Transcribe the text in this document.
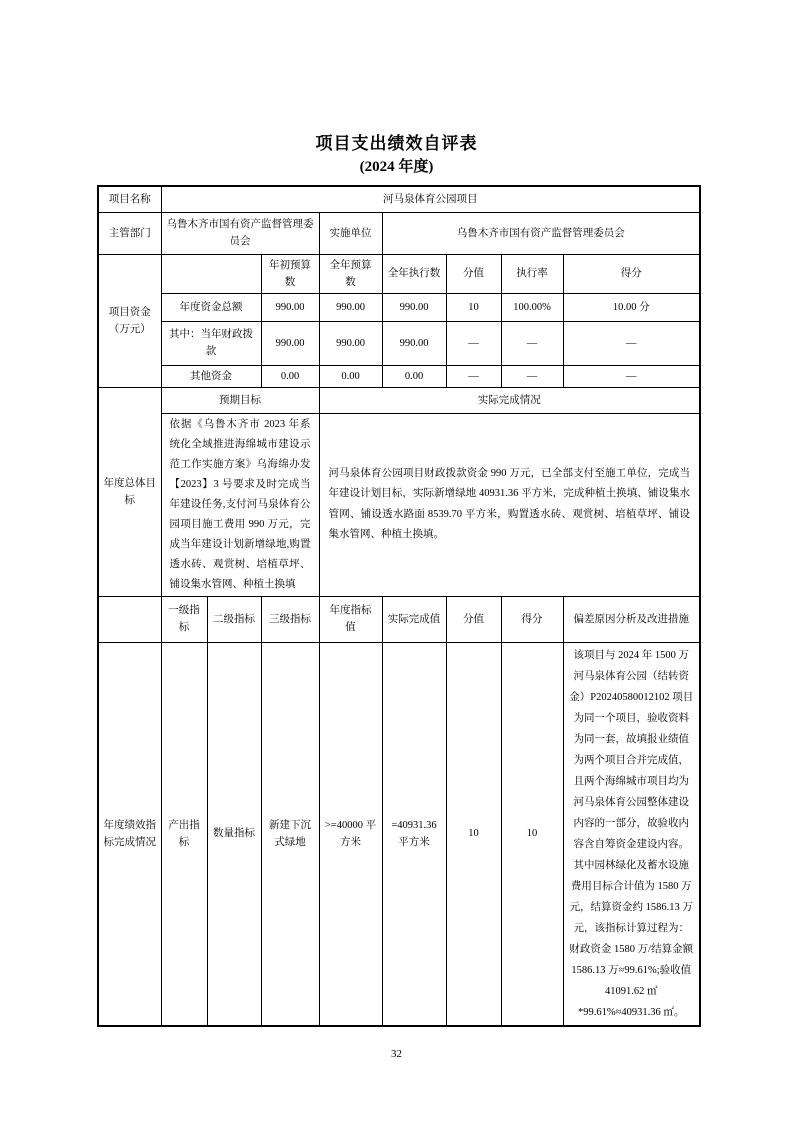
项目支出绩效自评表
(2024 年度)
项目名称	河马泉体育公园项目							
主管部门	乌鲁木齐市国有资产监督管理委员会			实施单位	乌鲁木齐市国有资产监督管理委员会			

项目资金
（万元）			年初预算数	全年预算数	全年执行数	分值	执行率	得分
	年度资金总额		990.00	990.00	990.00	10	100.00%	10.00 分
	其中：当年财政拨款		990.00	990.00	990.00	—	—	—
	其他资金		0.00	0.00	0.00	—	—	—
年度总体目标	预期目标			实际完成情况				
	依据《乌鲁木齐市 2023 年系统化全域推进海绵城市建设示范工作实施方案》乌海绵办发【2023】3 号要求及时完成当年建设任务,支付河马泉体育公园项目施工费用 990 万元，完成当年建设计划新增绿地,购置透水砖、观赏树、培植草坪、铺设集水管网、种植土换填			河马泉体育公园项目财政拨款资金 990 万元，已全部支付至施工单位，完成当年建设计划目标，实际新增绿地 40931.36 平方米，完成种植土换填、铺设集水管网、铺设透水路面 8539.70 平方米，购置透水砖、观赏树、培植草坪、铺设集水管网、种植土换填。				
	一级指标	二级指标	三级指标	年度指标值	实际完成值	分值	得分	偏差原因分析及改进措施
年度绩效指标完成情况	产出指标	数量指标	新建下沉式绿地	>=40000 平方米	=40931.36 平方米	10	10	该项目与 2024 年 1500 万河马泉体育公园（结转资金）P20240580012102 项目为同一个项目，验收资料为同一套，故填报业绩值为两个项目合并完成值，且两个海绵城市项目均为河马泉体育公园整体建设内容的一部分，故验收内容含自筹资金建设内容。其中园林绿化及蓄水设施费用目标合计值为 1580 万元，结算资金约 1586.13 万元，该指标计算过程为：财政资金 1580 万/结算金额 1586.13 万≈99.61%;验收值 41091.62 ㎡ *99.61%≈40931.36 ㎡。
32
